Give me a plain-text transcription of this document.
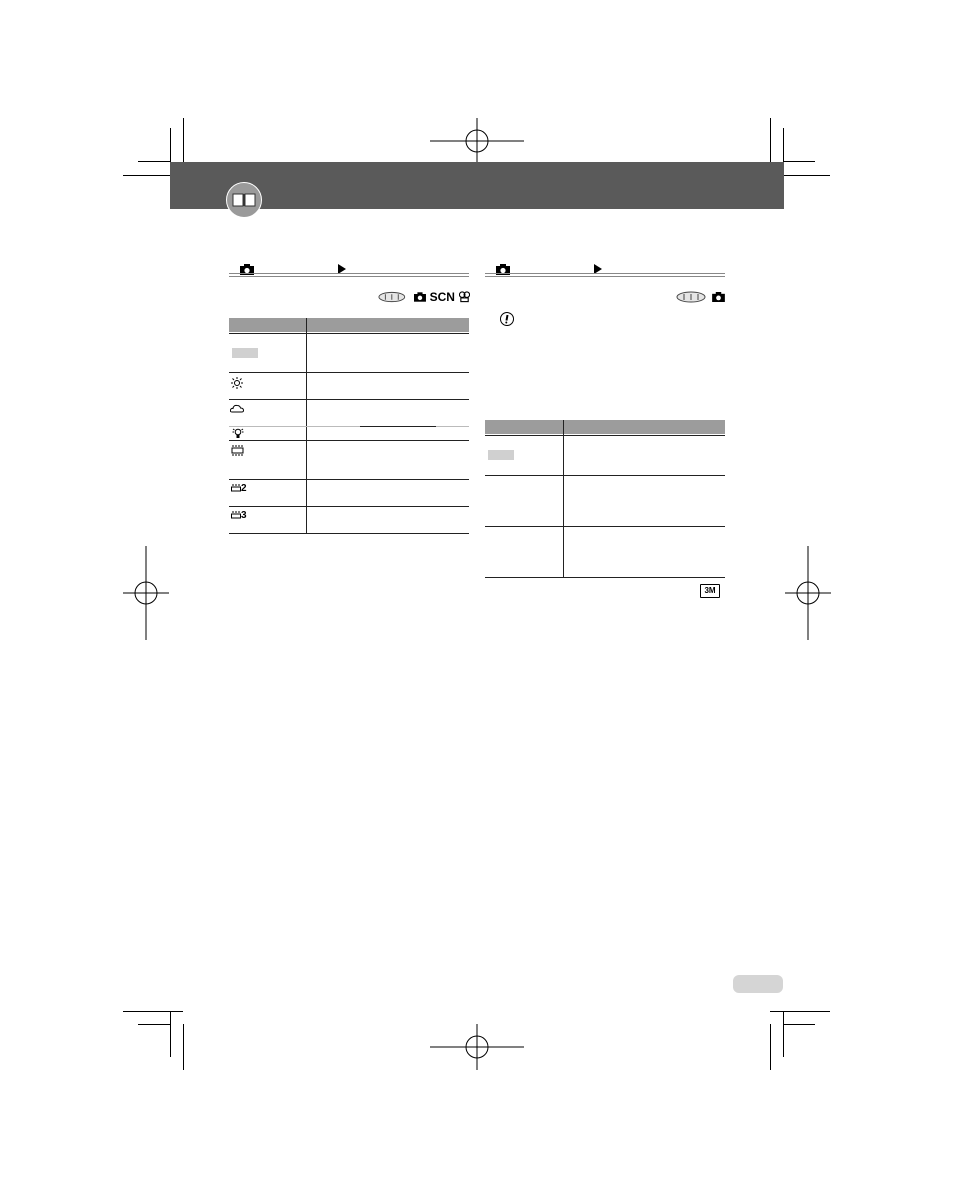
SCN
2
3
3M
